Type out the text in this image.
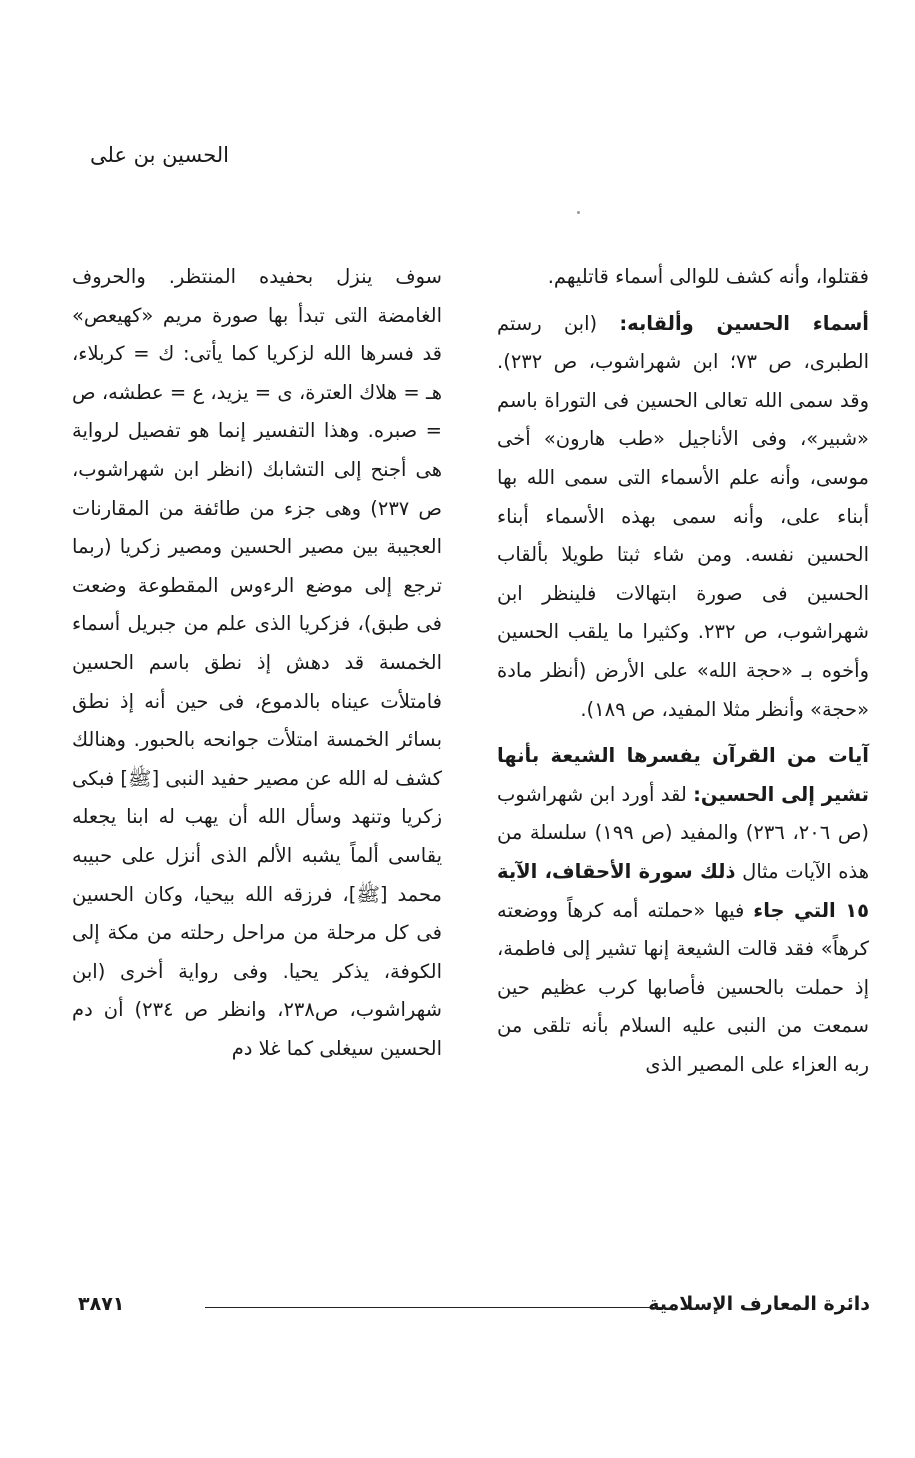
الحسين بن على

فقتلوا، وأنه كشف للوالى أسماء قاتليهم.

أسماء الحسين وألقابه: (ابن رستم الطبرى، ص ٧٣؛ ابن شهراشوب، ص ٢٣٢). وقد سمى الله تعالى الحسين فى التوراة باسم «شبير»، وفى الأناجيل «طب هارون» أخى موسى، وأنه علم الأسماء التى سمى الله بها أبناء على، وأنه سمى بهذه الأسماء أبناء الحسين نفسه. ومن شاء ثبتا طويلا بألقاب الحسين فى صورة ابتهالات فلينظر ابن شهراشوب، ص ٢٣٢. وكثيرا ما يلقب الحسين وأخوه بـ «حجة الله» على الأرض (أنظر مادة «حجة» وأنظر مثلا المفيد، ص ١٨٩).

آيات من القرآن يفسرها الشيعة بأنها تشير إلى الحسين: لقد أورد ابن شهراشوب (ص ٢٠٦، ٢٣٦) والمفيد (ص ١٩٩) سلسلة من هذه الآيات مثال ذلك سورة الأحقاف، الآية ١٥ التي جاء فيها «حملته أمه كرهاً ووضعته كرهاً» فقد قالت الشيعة إنها تشير إلى فاطمة، إذ حملت بالحسين فأصابها كرب عظيم حين سمعت من النبى عليه السلام بأنه تلقى من ربه العزاء على المصير الذى

سوف ينزل بحفيده المنتظر. والحروف الغامضة التى تبدأ بها صورة مريم «كهيعص» قد فسرها الله لزكريا كما يأتى: ك = كربلاء، هـ = هلاك العترة، ى = يزيد، ع = عطشه، ص = صبره. وهذا التفسير إنما هو تفصيل لرواية هى أجنح إلى التشابك (انظر ابن شهراشوب، ص ٢٣٧) وهى جزء من طائفة من المقارنات العجيبة بين مصير الحسين ومصير زكريا (ربما ترجع إلى موضع الرءوس المقطوعة وضعت فى طبق)، فزكريا الذى علم من جبريل أسماء الخمسة قد دهش إذ نطق باسم الحسين فامتلأت عيناه بالدموع، فى حين أنه إذ نطق بسائر الخمسة امتلأت جوانحه بالحبور. وهنالك كشف له الله عن مصير حفيد النبى [ﷺ] فبكى زكريا وتنهد وسأل الله أن يهب له ابنا يجعله يقاسى ألماً يشبه الألم الذى أنزل على حبيبه محمد [ﷺ]، فرزقه الله بيحيا، وكان الحسين فى كل مرحلة من مراحل رحلته من مكة إلى الكوفة، يذكر يحيا. وفى رواية أخرى (ابن شهراشوب، ص٢٣٨، وانظر ص ٢٣٤) أن دم الحسين سيغلى كما غلا دم

دائرة المعارف الإسلامية
٣٨٧١
